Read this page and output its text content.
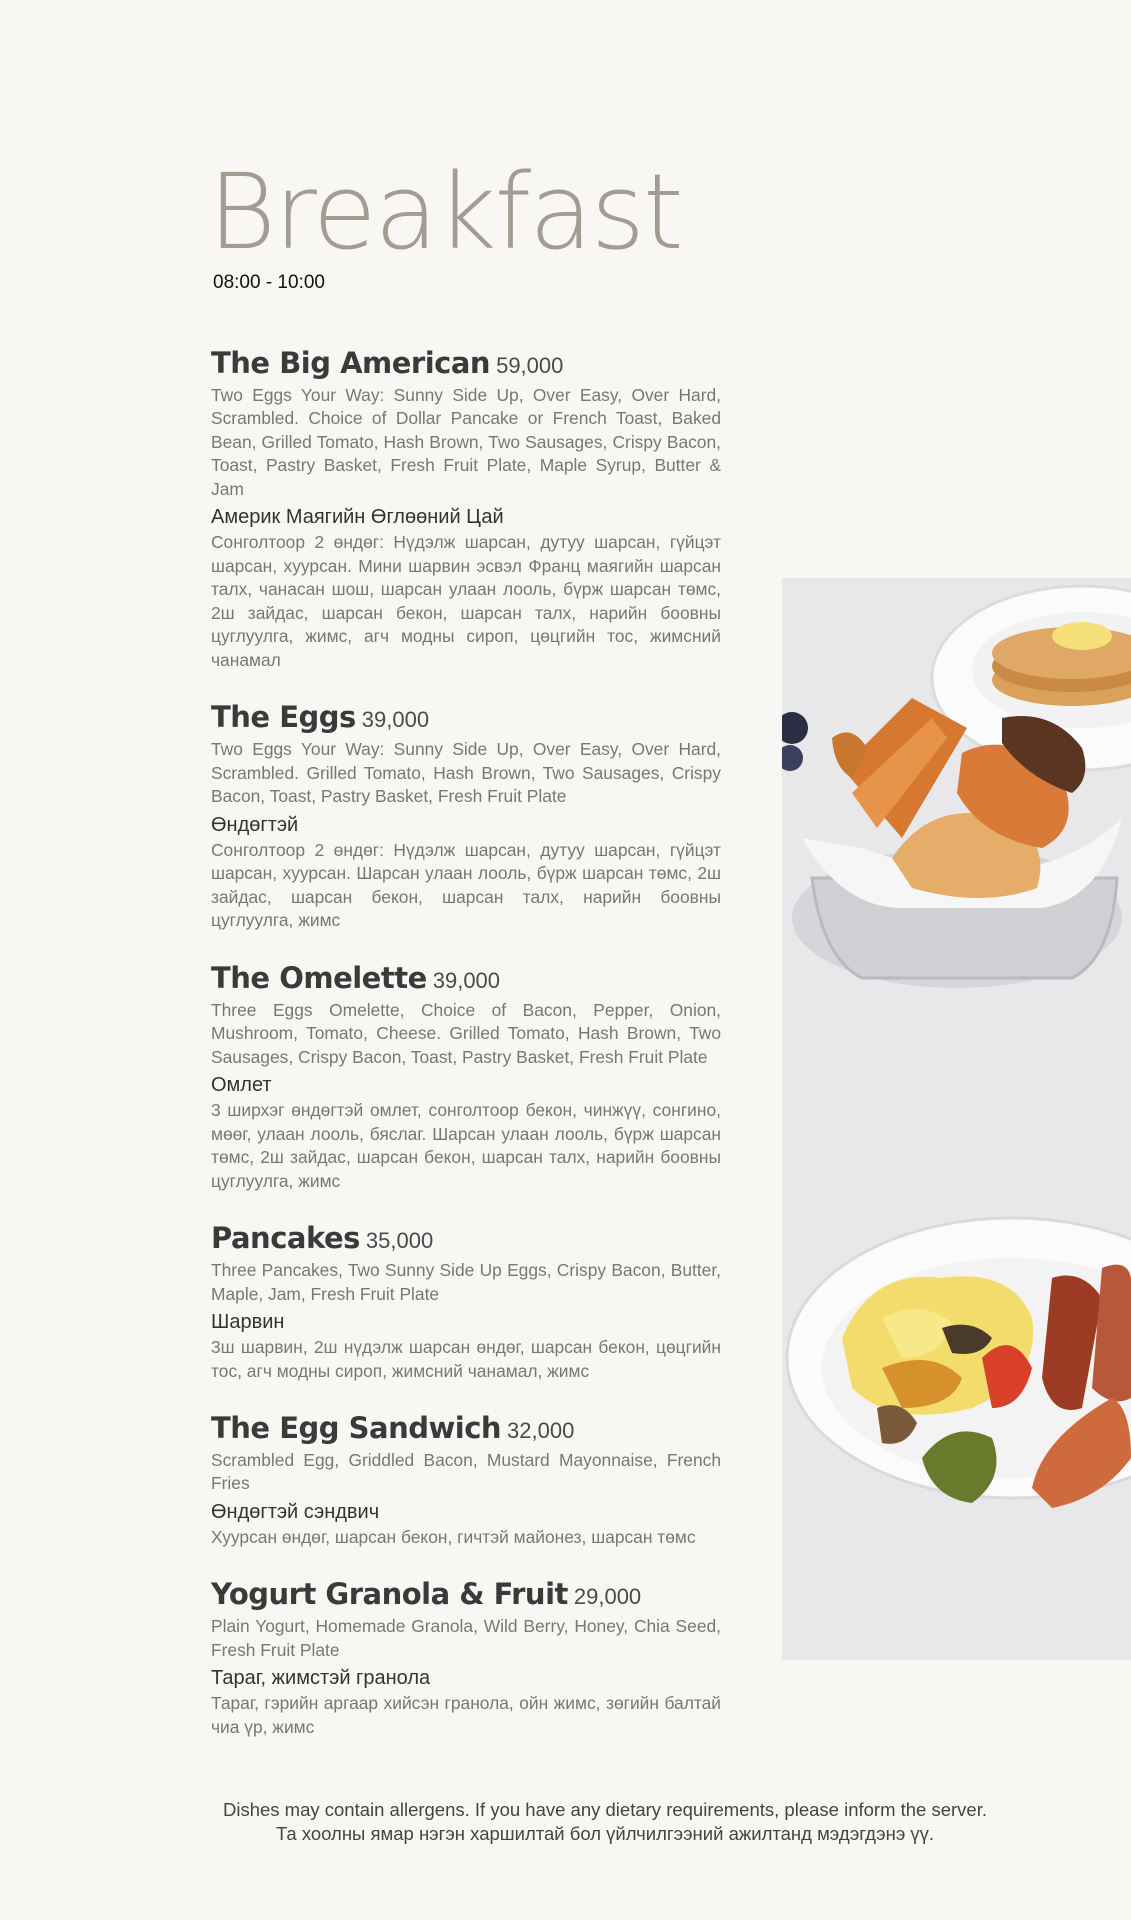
Breakfast
08:00 - 10:00
The Big American 59,000
Two Eggs Your Way: Sunny Side Up, Over Easy, Over Hard, Scrambled. Choice of Dollar Pancake or French Toast, Baked Bean, Grilled Tomato, Hash Brown, Two Sausages, Crispy Bacon, Toast, Pastry Basket, Fresh Fruit Plate, Maple Syrup, Butter & Jam
Америк Маягийн Өглөөний Цай
Сонголтоор 2 өндөг: Нүдэлж шарсан, дутуу шарсан, гүйцэт шарсан, хуурсан. Мини шарвин эсвэл Франц маягийн шарсан талх, чанасан шош, шарсан улаан лооль, бүрж шарсан төмс, 2ш зайдас, шарсан бекон, шарсан талх, нарийн боовны цуглуулга, жимс, агч модны сироп, цөцгийн тос, жимсний чанамал
The Eggs 39,000
Two Eggs Your Way: Sunny Side Up, Over Easy, Over Hard, Scrambled. Grilled Tomato, Hash Brown, Two Sausages, Crispy Bacon, Toast, Pastry Basket, Fresh Fruit Plate
Өндөгтэй
Сонголтоор 2 өндөг: Нүдэлж шарсан, дутуу шарсан, гүйцэт шарсан, хуурсан. Шарсан улаан лооль, бүрж шарсан төмс, 2ш зайдас, шарсан бекон, шарсан талх, нарийн боовны цуглуулга, жимс
The Omelette 39,000
Three Eggs Omelette, Choice of Bacon, Pepper, Onion, Mushroom, Tomato, Cheese. Grilled Tomato, Hash Brown, Two Sausages, Crispy Bacon, Toast, Pastry Basket, Fresh Fruit Plate
Омлет
3 ширхэг өндөгтэй омлет, сонголтоор бекон, чинжүү, сонгино, мөөг, улаан лооль, бяслаг. Шарсан улаан лооль, бүрж шарсан төмс, 2ш зайдас, шарсан бекон, шарсан талх, нарийн боовны цуглуулга, жимс
Pancakes 35,000
Three Pancakes, Two Sunny Side Up Eggs, Crispy Bacon, Butter, Maple, Jam, Fresh Fruit Plate
Шарвин
3ш шарвин, 2ш нүдэлж шарсан өндөг, шарсан бекон, цөцгийн тос, агч модны сироп, жимсний чанамал, жимс
The Egg Sandwich 32,000
Scrambled Egg, Griddled Bacon, Mustard Mayonnaise, French Fries
Өндөгтэй сэндвич
Хуурсан өндөг, шарсан бекон, гичтэй майонез, шарсан төмс
Yogurt Granola & Fruit 29,000
Plain Yogurt, Homemade Granola, Wild Berry, Honey, Chia Seed, Fresh Fruit Plate
Тараг, жимстэй гранола
Тараг, гэрийн аргаар хийсэн гранола, ойн жимс, зөгийн балтай чиа үр, жимс
Dishes may contain allergens. If you have any dietary requirements, please inform the server.
Та хоолны ямар нэгэн харшилтай бол үйлчилгээний ажилтанд мэдэгдэнэ үү.
